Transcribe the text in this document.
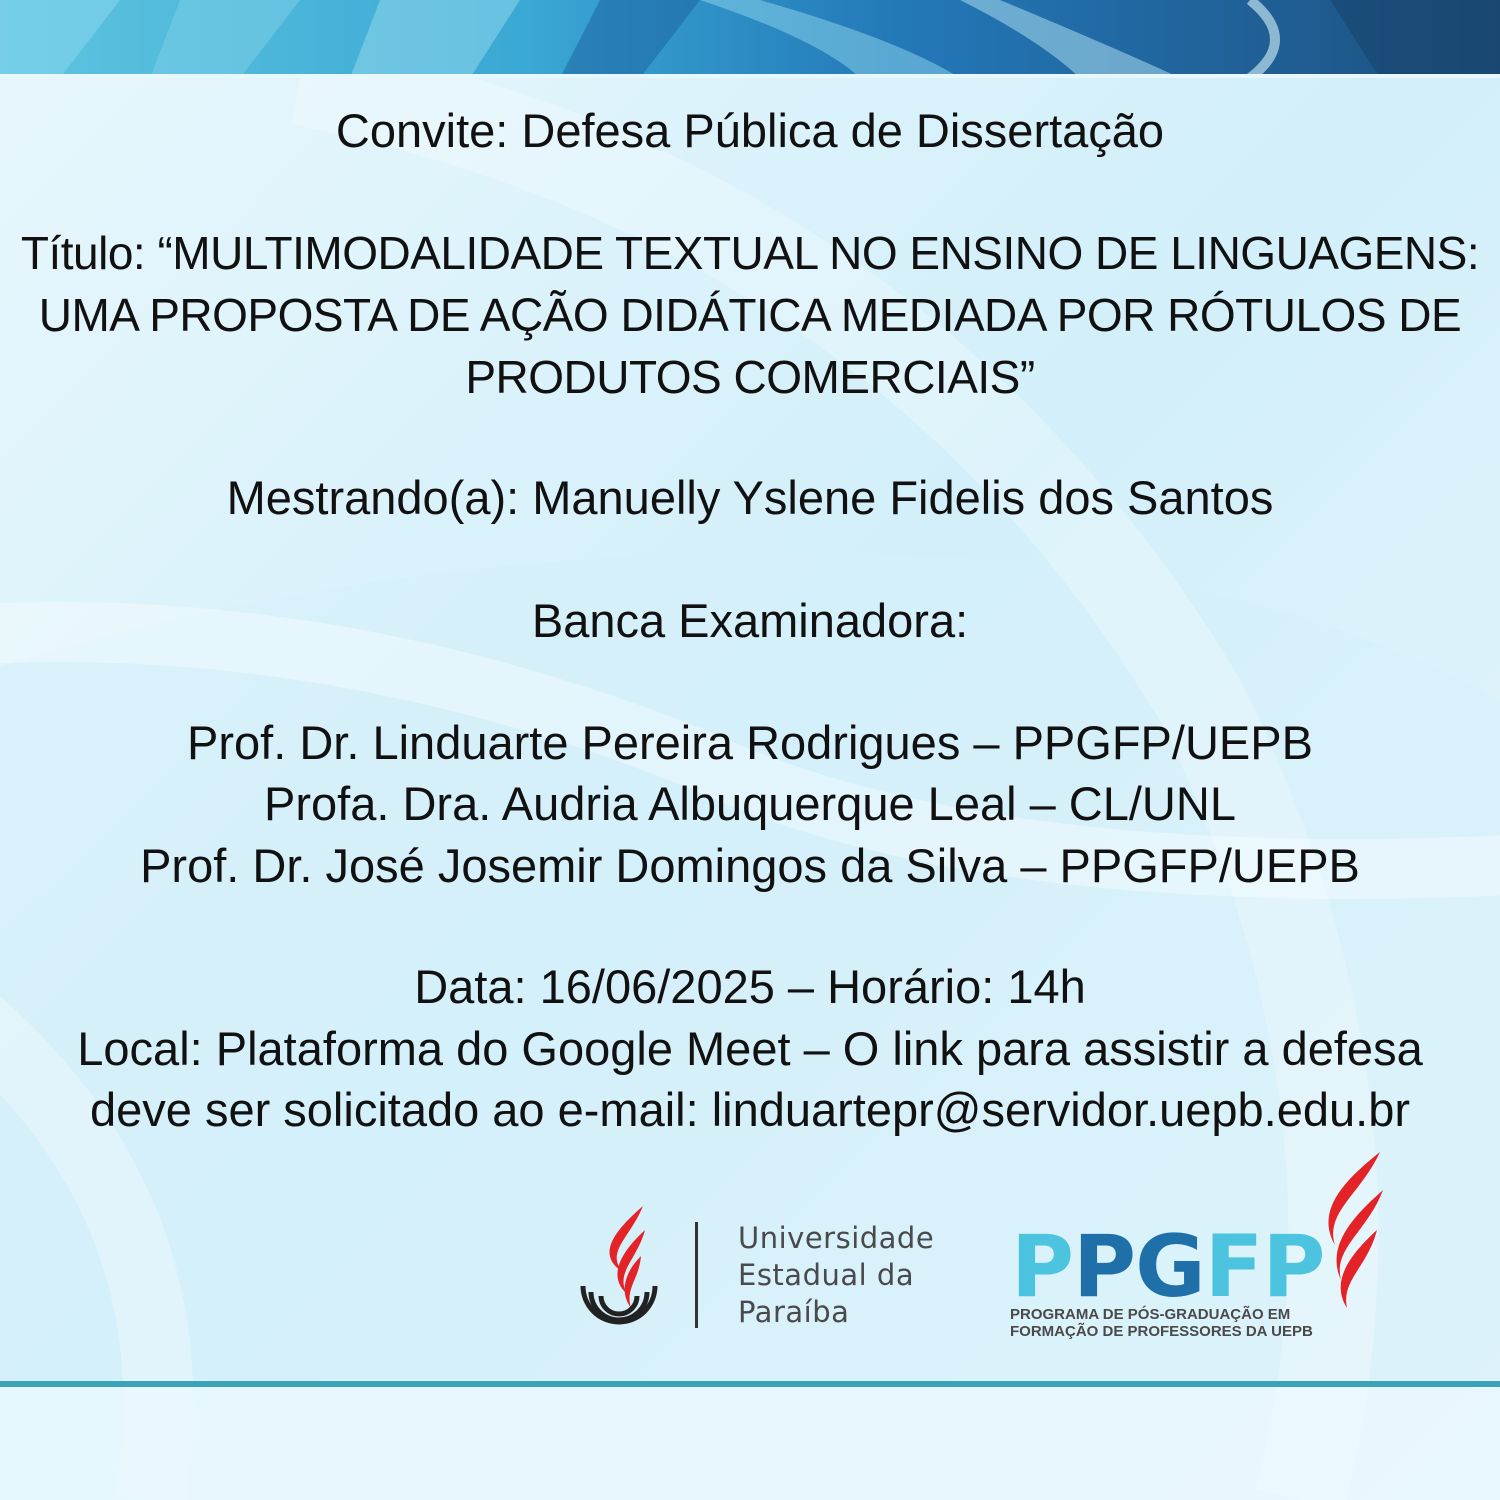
Convite: Defesa Pública de Dissertação
Título: “MULTIMODALIDADE TEXTUAL NO ENSINO DE LINGUAGENS:
UMA PROPOSTA DE AÇÃO DIDÁTICA MEDIADA POR RÓTULOS DE
PRODUTOS COMERCIAIS”
Mestrando(a): Manuelly Yslene Fidelis dos Santos
Banca Examinadora:
Prof. Dr. Linduarte Pereira Rodrigues – PPGFP/UEPB
Profa. Dra. Audria Albuquerque Leal – CL/UNL
Prof. Dr. José Josemir Domingos da Silva – PPGFP/UEPB
Data: 16/06/2025 – Horário: 14h
Local: Plataforma do Google Meet – O link para assistir a defesa
deve ser solicitado ao e-mail: linduartepr@servidor.uepb.edu.br
Universidade
Estadual da
Paraíba	PPGFP
PROGRAMA DE PÓS-GRADUAÇÃO EM
FORMAÇÃO DE PROFESSORES DA UEPB
